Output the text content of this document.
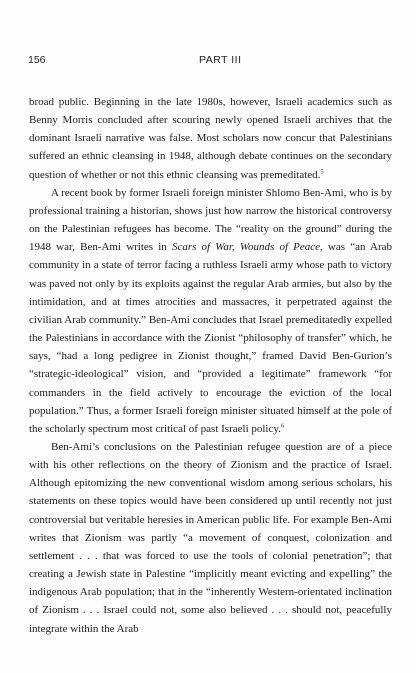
156	PART III

broad public. Beginning in the late 1980s, however, Israeli academics such as Benny Morris concluded after scouring newly opened Israeli archives that the dominant Israeli narrative was false. Most scholars now concur that Palestinians suffered an ethnic cleansing in 1948, although debate continues on the secondary question of whether or not this ethnic cleansing was premeditated.$^5$

A recent book by former Israeli foreign minister Shlomo Ben-Ami, who is by professional training a historian, shows just how narrow the historical controversy on the Palestinian refugees has become. The “reality on the ground” during the 1948 war, Ben-Ami writes in Scars of War, Wounds of Peace, was “an Arab community in a state of terror facing a ruthless Israeli army whose path to victory was paved not only by its exploits against the regular Arab armies, but also by the intimidation, and at times atrocities and massacres, it perpetrated against the civilian Arab community.” Ben-Ami concludes that Israel premeditatedly expelled the Palestinians in accordance with the Zionist “philosophy of transfer” which, he says, “had a long pedigree in Zionist thought,” framed David Ben-Gurion’s “strategic-ideological” vision, and “provided a legitimate” framework “for commanders in the field actively to encourage the eviction of the local population.” Thus, a former Israeli foreign minister situated himself at the pole of the scholarly spectrum most critical of past Israeli policy.$^6$

Ben-Ami’s conclusions on the Palestinian refugee question are of a piece with his other reflections on the theory of Zionism and the practice of Israel. Although epitomizing the new conventional wisdom among serious scholars, his statements on these topics would have been considered up until recently not just controversial but veritable heresies in American public life. For example Ben-Ami writes that Zionism was partly “a movement of conquest, colonization and settlement . . . that was forced to use the tools of colonial penetration”; that creating a Jewish state in Palestine “implicitly meant evicting and expelling” the indigenous Arab population; that in the “inherently Western-orientated inclination of Zionism . . . Israel could not, some also believed . . . should not, peacefully integrate within the Arab
